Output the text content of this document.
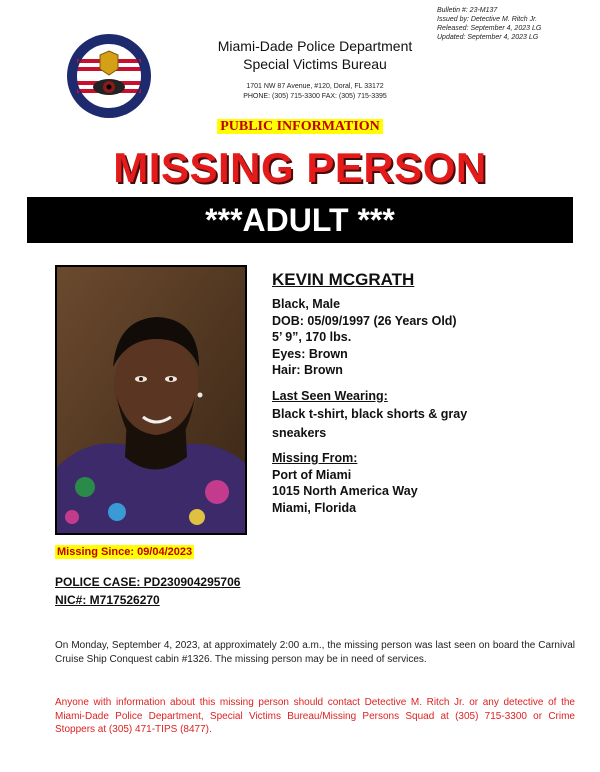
Bulletin #: 23-M137
Issued by: Detective M. Ritch Jr.
Released: September 4, 2023 LG
Updated: September 4, 2023 LG
Miami-Dade Police Department
Special Victims Bureau
1701 NW 87 Avenue, #120, Doral, FL 33172
PHONE: (305) 715-3300 FAX: (305) 715-3395
PUBLIC INFORMATION
MISSING PERSON
***ADULT ***
KEVIN MCGRATH
Black, Male
DOB: 05/09/1997 (26 Years Old)
5’ 9”, 170 lbs.
Eyes: Brown
Hair: Brown
Last Seen Wearing:
Black t-shirt, black shorts & gray
sneakers
Missing From:
Port of Miami
1015 North America Way
Miami, Florida
Missing Since: 09/04/2023
POLICE CASE: PD230904295706
NIC#: M717526270
On Monday, September 4, 2023, at approximately 2:00 a.m., the missing person was last seen on board the Carnival Cruise Ship Conquest cabin #1326. The missing person may be in need of services.
Anyone with information about this missing person should contact Detective M. Ritch Jr. or any detective of the Miami-Dade Police Department, Special Victims Bureau/Missing Persons Squad at (305) 715-3300 or Crime Stoppers at (305) 471-TIPS (8477).
